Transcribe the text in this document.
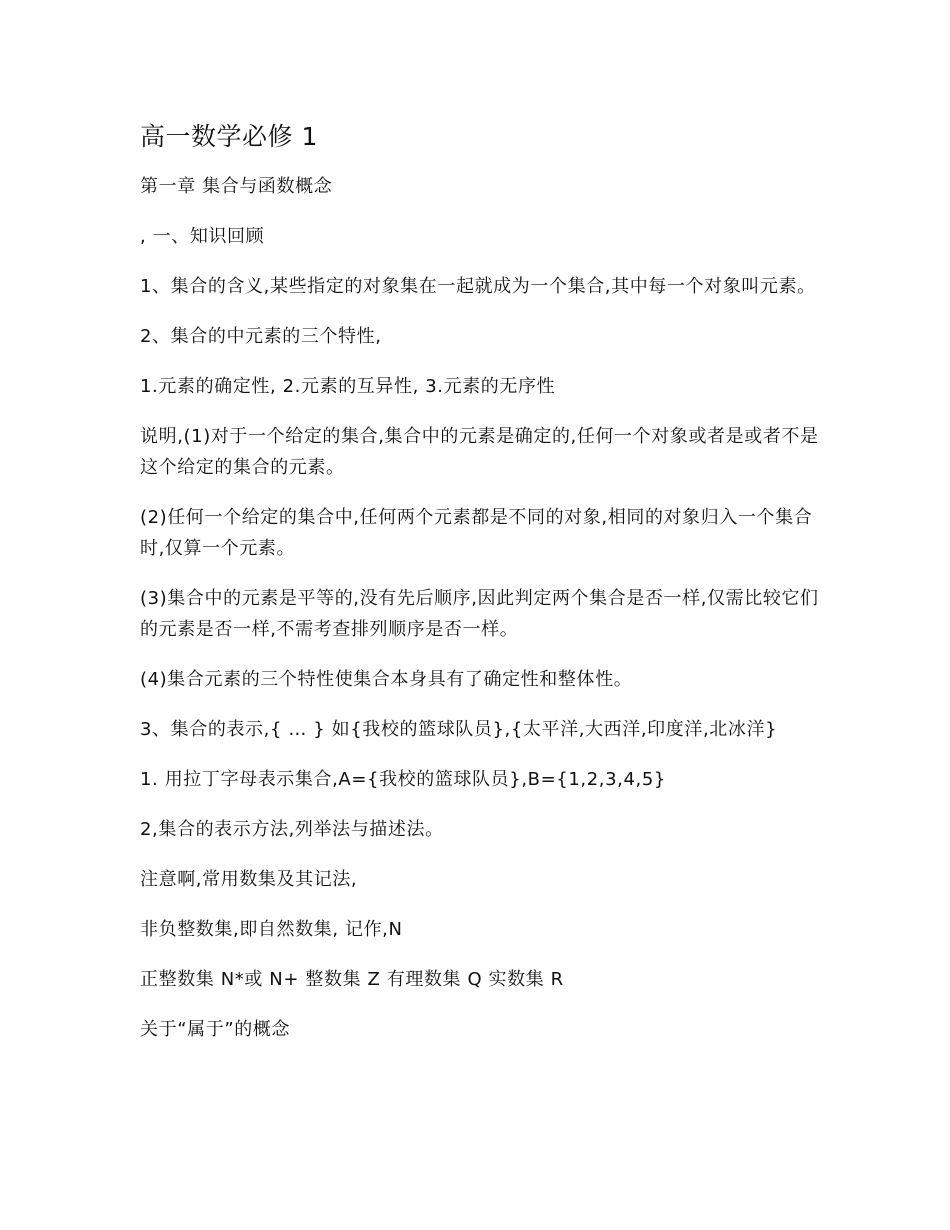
高一数学必修 1

第一章 集合与函数概念

, 一、知识回顾

1、集合的含义,某些指定的对象集在一起就成为一个集合,其中每一个对象叫元素。

2、集合的中元素的三个特性,

1.元素的确定性, 2.元素的互异性, 3.元素的无序性

说明,(1)对于一个给定的集合,集合中的元素是确定的,任何一个对象或者是或者不是这个给定的集合的元素。

(2)任何一个给定的集合中,任何两个元素都是不同的对象,相同的对象归入一个集合时,仅算一个元素。

(3)集合中的元素是平等的,没有先后顺序,因此判定两个集合是否一样,仅需比较它们的元素是否一样,不需考查排列顺序是否一样。

(4)集合元素的三个特性使集合本身具有了确定性和整体性。

3、集合的表示,{ … } 如{我校的篮球队员},{太平洋,大西洋,印度洋,北冰洋}

1. 用拉丁字母表示集合,A={我校的篮球队员},B={1,2,3,4,5}

2,集合的表示方法,列举法与描述法。

注意啊,常用数集及其记法,

非负整数集,即自然数集, 记作,N

正整数集 N*或 N+ 整数集 Z 有理数集 Q 实数集 R

关于“属于”的概念
